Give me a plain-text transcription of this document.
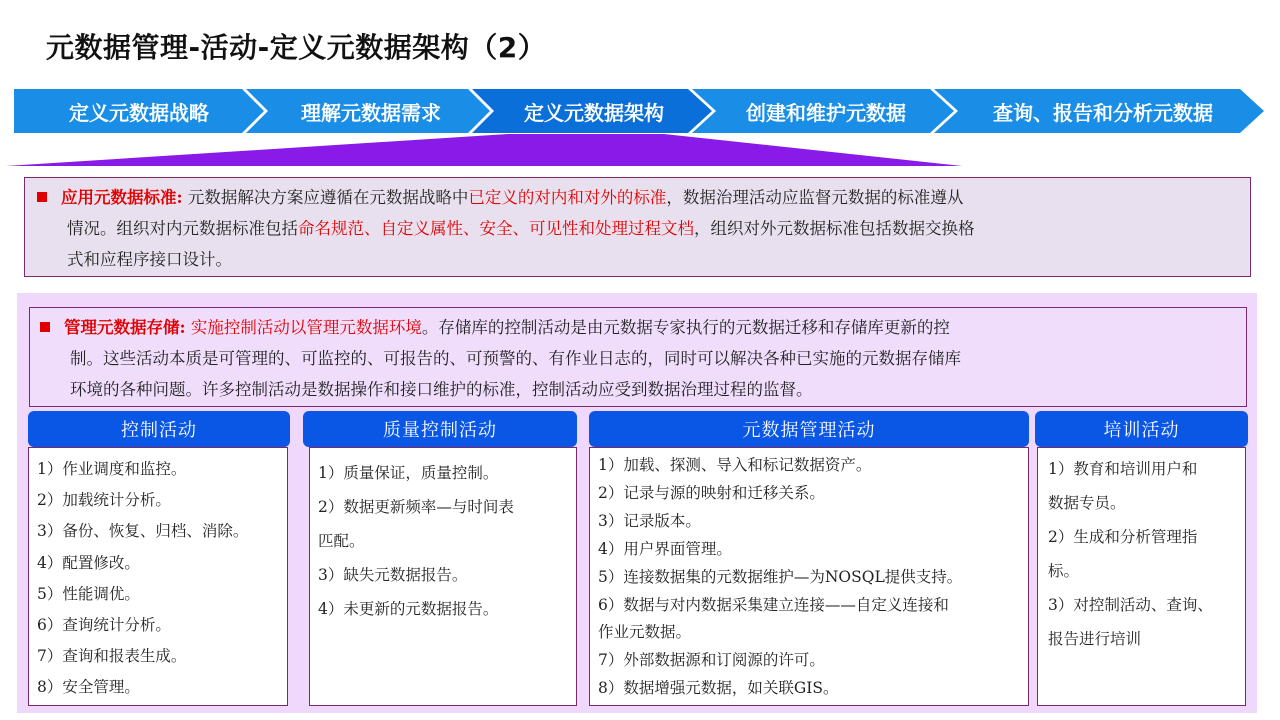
元数据管理-活动-定义元数据架构（2）
定义元数据战略	理解元数据需求	定义元数据架构	创建和维护元数据	查询、报告和分析元数据
应用元数据标准: 元数据解决方案应遵循在元数据战略中已定义的对内和对外的标准，数据治理活动应监督元数据的标准遵从
情况。组织对内元数据标准包括命名规范、自定义属性、安全、可见性和处理过程文档，组织对外元数据标准包括数据交换格
式和应程序接口设计。
管理元数据存储: 实施控制活动以管理元数据环境。存储库的控制活动是由元数据专家执行的元数据迁移和存储库更新的控
制。这些活动本质是可管理的、可监控的、可报告的、可预警的、有作业日志的，同时可以解决各种已实施的元数据存储库
环境的各种问题。许多控制活动是数据操作和接口维护的标准，控制活动应受到数据治理过程的监督。
控制活动
1）作业调度和监控。
2）加载统计分析。
3）备份、恢复、归档、消除。
4）配置修改。
5）性能调优。
6）查询统计分析。
7）查询和报表生成。
8）安全管理。
质量控制活动
1）质量保证，质量控制。
2）数据更新频率—与时间表
匹配。
3）缺失元数据报告。
4）未更新的元数据报告。
元数据管理活动
1）加载、探测、导入和标记数据资产。
2）记录与源的映射和迁移关系。
3）记录版本。
4）用户界面管理。
5）连接数据集的元数据维护—为NOSQL提供支持。
6）数据与对内数据采集建立连接——自定义连接和
作业元数据。
7）外部数据源和订阅源的许可。
8）数据增强元数据，如关联GIS。
培训活动
1）教育和培训用户和
数据专员。
2）生成和分析管理指
标。
3）对控制活动、查询、
报告进行培训
